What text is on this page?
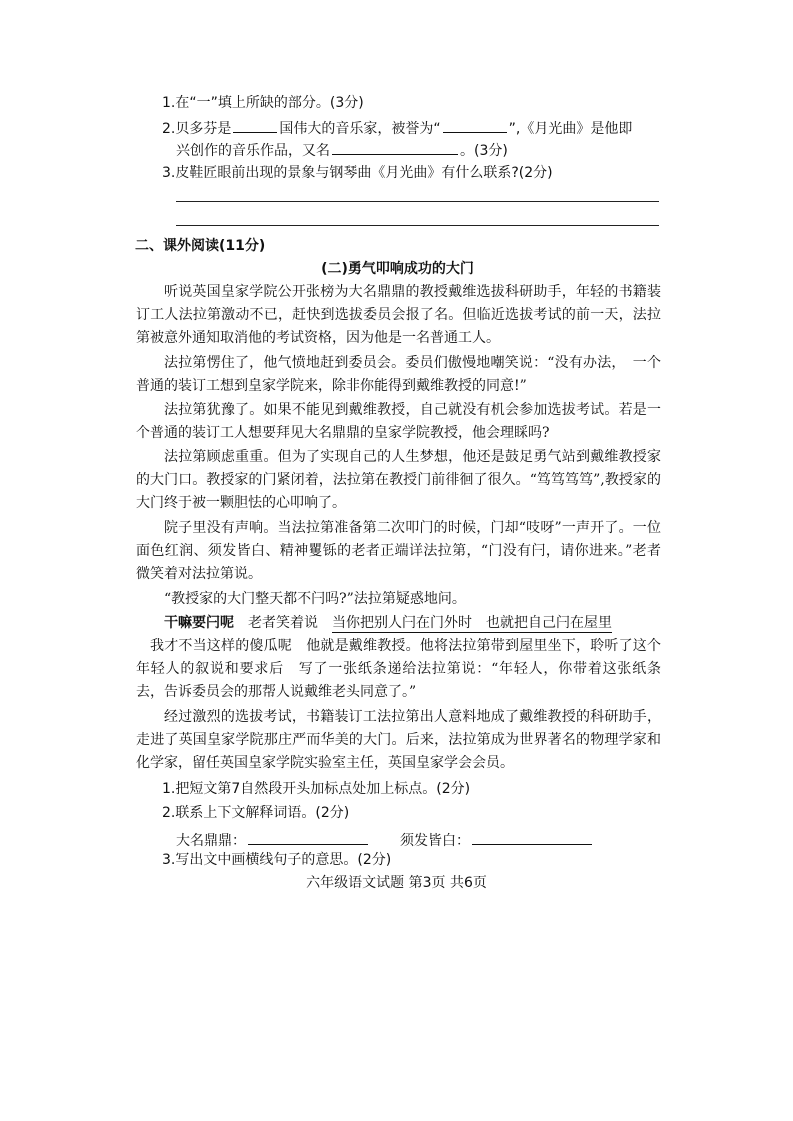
1.在“一”填上所缺的部分。(3分)
2.贝多芬是	国伟大的音乐家，被誉为“	”,《月光曲》是他即
兴创作的音乐作品，又名	。(3分)
3.皮鞋匠眼前出现的景象与钢琴曲《月光曲》有什么联系?(2分)
二、课外阅读(11分)
(二)勇气叩响成功的大门

听说英国皇家学院公开张榜为大名鼎鼎的教授戴维选拔科研助手，年轻的书籍装订工人法拉第激动不已，赶快到选拔委员会报了名。但临近选拔考试的前一天，法拉第被意外通知取消他的考试资格，因为他是一名普通工人。

法拉第愣住了，他气愤地赶到委员会。委员们傲慢地嘲笑说：“没有办法，　一个普通的装订工想到皇家学院来，除非你能得到戴维教授的同意!”

法拉第犹豫了。如果不能见到戴维教授，自己就没有机会参加选拔考试。若是一个普通的装订工人想要拜见大名鼎鼎的皇家学院教授，他会理睬吗?

法拉第顾虑重重。但为了实现自己的人生梦想，他还是鼓足勇气站到戴维教授家的大门口。教授家的门紧闭着，法拉第在教授门前徘徊了很久。“笃笃笃笃”,教授家的大门终于被一颗胆怯的心叩响了。

院子里没有声响。当法拉第准备第二次叩门的时候，门却“吱呀”一声开了。一位面色红润、须发皆白、精神矍铄的老者正端详法拉第，“门没有闩，请你进来。”老者微笑着对法拉第说。

“教授家的大门整天都不闩吗?”法拉第疑惑地问。

干嘛要闩呢　老者笑着说　当你把别人闩在门外时　也就把自己闩在屋里

我才不当这样的傻瓜呢　他就是戴维教授。他将法拉第带到屋里坐下，聆听了这个年轻人的叙说和要求后　写了一张纸条递给法拉第说：“年轻人，你带着这张纸条去，告诉委员会的那帮人说戴维老头同意了。”

经过激烈的选拔考试，书籍装订工法拉第出人意料地成了戴维教授的科研助手，走进了英国皇家学院那庄严而华美的大门。后来，法拉第成为世界著名的物理学家和化学家，留任英国皇家学院实验室主任，英国皇家学会会员。

1.把短文第7自然段开头加标点处加上标点。(2分)
2.联系上下文解释词语。(2分)
大名鼎鼎：	须发皆白：
3.写出文中画横线句子的意思。(2分)
六年级语文试题 第3页 共6页
